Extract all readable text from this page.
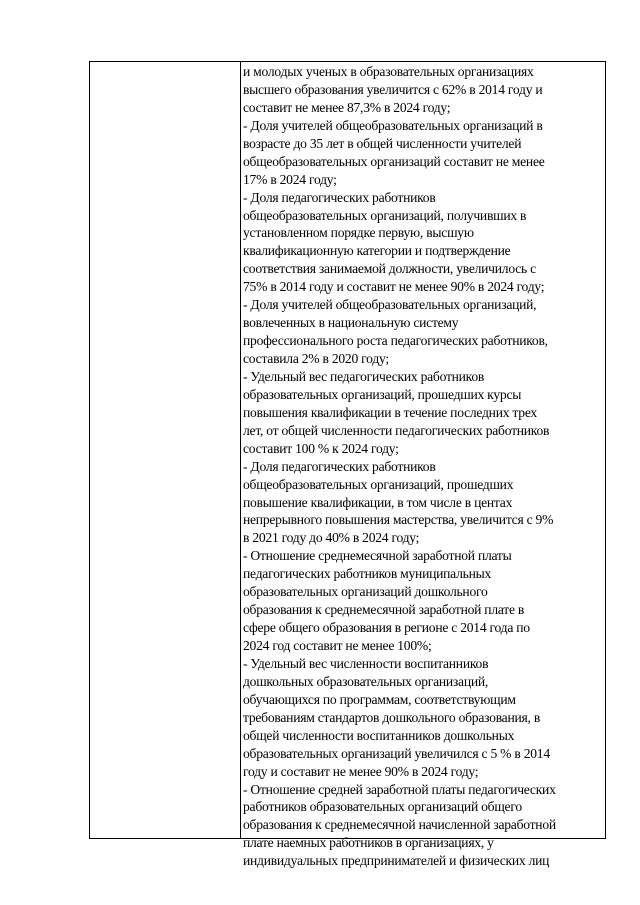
и молодых ученых в образовательных организациях
высшего образования увеличится с 62% в 2014 году и
составит не менее 87,3% в 2024 году;
- Доля учителей общеобразовательных организаций в
возрасте до 35 лет в общей численности учителей
общеобразовательных организаций составит не менее
17% в 2024 году;
- Доля педагогических работников
общеобразовательных организаций, получивших в
установленном порядке первую, высшую
квалификационную категории и подтверждение
соответствия занимаемой должности, увеличилось с
75% в 2014 году и составит не менее 90% в 2024 году;
- Доля учителей общеобразовательных организаций,
вовлеченных в национальную систему
профессионального роста педагогических работников,
составила 2% в 2020 году;
- Удельный вес педагогических работников
образовательных организаций, прошедших курсы
повышения квалификации в течение последних трех
лет, от общей численности педагогических работников
составит 100 % к 2024 году;
- Доля педагогических работников
общеобразовательных организаций, прошедших
повышение квалификации, в том числе в центах
непрерывного повышения мастерства, увеличится с 9%
в 2021 году до 40% в 2024 году;
- Отношение среднемесячной заработной платы
педагогических работников муниципальных
образовательных организаций дошкольного
образования к среднемесячной заработной плате в
сфере общего образования в регионе с 2014 года по
2024 год составит не менее 100%;
- Удельный вес численности воспитанников
дошкольных образовательных организаций,
обучающихся по программам, соответствующим
требованиям стандартов дошкольного образования, в
общей численности воспитанников дошкольных
образовательных организаций увеличился с 5 % в 2014
году и составит не менее 90% в 2024 году;
- Отношение средней заработной платы педагогических
работников образовательных организаций общего
образования к среднемесячной начисленной заработной
плате наемных работников в организациях, у
индивидуальных предпринимателей и физических лиц
